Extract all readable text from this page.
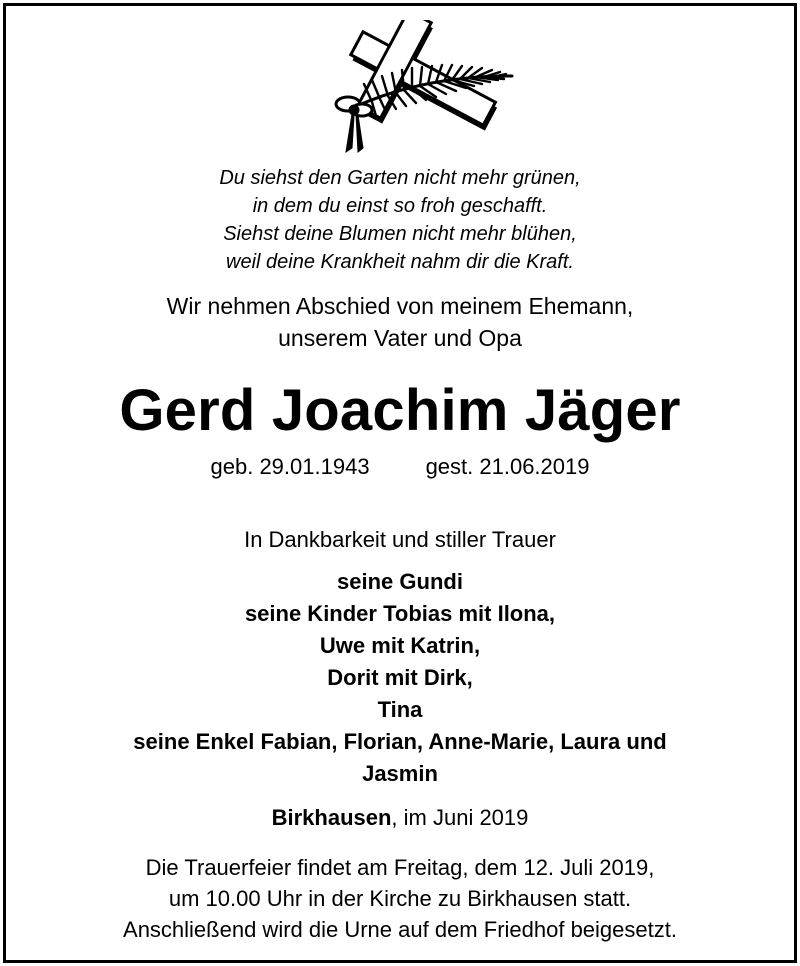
Du siehst den Garten nicht mehr grünen,
in dem du einst so froh geschafft.
Siehst deine Blumen nicht mehr blühen,
weil deine Krankheit nahm dir die Kraft.
Wir nehmen Abschied von meinem Ehemann,
unserem Vater und Opa
Gerd Joachim Jäger
geb. 29.01.1943	gest. 21.06.2019
In Dankbarkeit und stiller Trauer
seine Gundi
seine Kinder Tobias mit Ilona,
Uwe mit Katrin,
Dorit mit Dirk,
Tina
seine Enkel Fabian, Florian, Anne-Marie, Laura und
Jasmin
Birkhausen, im Juni 2019
Die Trauerfeier findet am Freitag, dem 12. Juli 2019,
um 10.00 Uhr in der Kirche zu Birkhausen statt.
Anschließend wird die Urne auf dem Friedhof beigesetzt.
